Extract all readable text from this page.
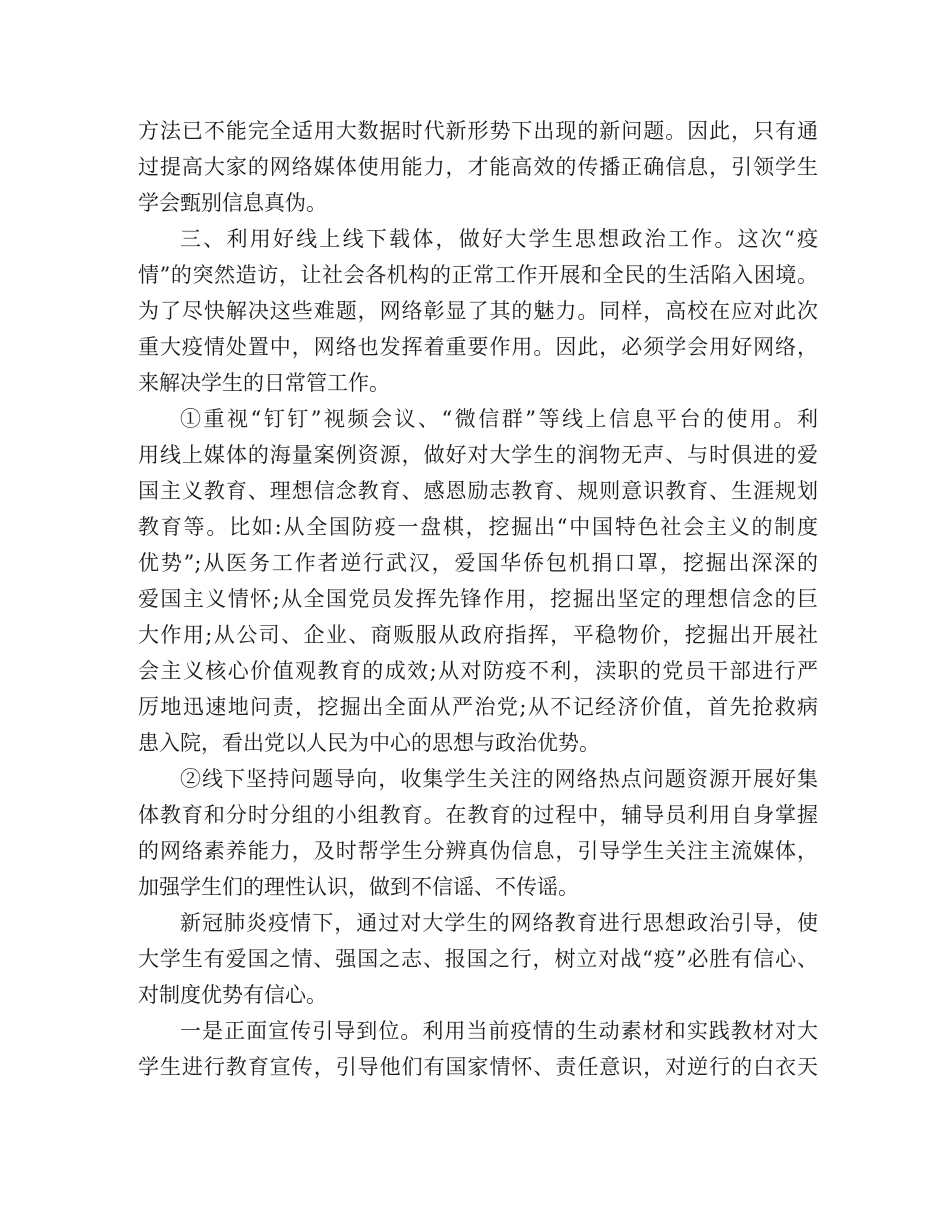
方法已不能完全适用大数据时代新形势下出现的新问题。因此，只有通
过提高大家的网络媒体使用能力，才能高效的传播正确信息，引领学生
学会甄别信息真伪。
三、利用好线上线下载体，做好大学生思想政治工作。这次“疫
情”的突然造访，让社会各机构的正常工作开展和全民的生活陷入困境。
为了尽快解决这些难题，网络彰显了其的魅力。同样，高校在应对此次
重大疫情处置中，网络也发挥着重要作用。因此，必须学会用好网络，
来解决学生的日常管工作。
①重视“钉钉”视频会议、“微信群”等线上信息平台的使用。利
用线上媒体的海量案例资源，做好对大学生的润物无声、与时俱进的爱
国主义教育、理想信念教育、感恩励志教育、规则意识教育、生涯规划
教育等。比如:从全国防疫一盘棋，挖掘出“中国特色社会主义的制度
优势”;从医务工作者逆行武汉，爱国华侨包机捐口罩，挖掘出深深的
爱国主义情怀;从全国党员发挥先锋作用，挖掘出坚定的理想信念的巨
大作用;从公司、企业、商贩服从政府指挥，平稳物价，挖掘出开展社
会主义核心价值观教育的成效;从对防疫不利，渎职的党员干部进行严
厉地迅速地问责，挖掘出全面从严治党;从不记经济价值，首先抢救病
患入院，看出党以人民为中心的思想与政治优势。
②线下坚持问题导向，收集学生关注的网络热点问题资源开展好集
体教育和分时分组的小组教育。在教育的过程中，辅导员利用自身掌握
的网络素养能力，及时帮学生分辨真伪信息，引导学生关注主流媒体，
加强学生们的理性认识，做到不信谣、不传谣。
新冠肺炎疫情下，通过对大学生的网络教育进行思想政治引导，使
大学生有爱国之情、强国之志、报国之行，树立对战“疫”必胜有信心、
对制度优势有信心。
一是正面宣传引导到位。利用当前疫情的生动素材和实践教材对大
学生进行教育宣传，引导他们有国家情怀、责任意识，对逆行的白衣天
